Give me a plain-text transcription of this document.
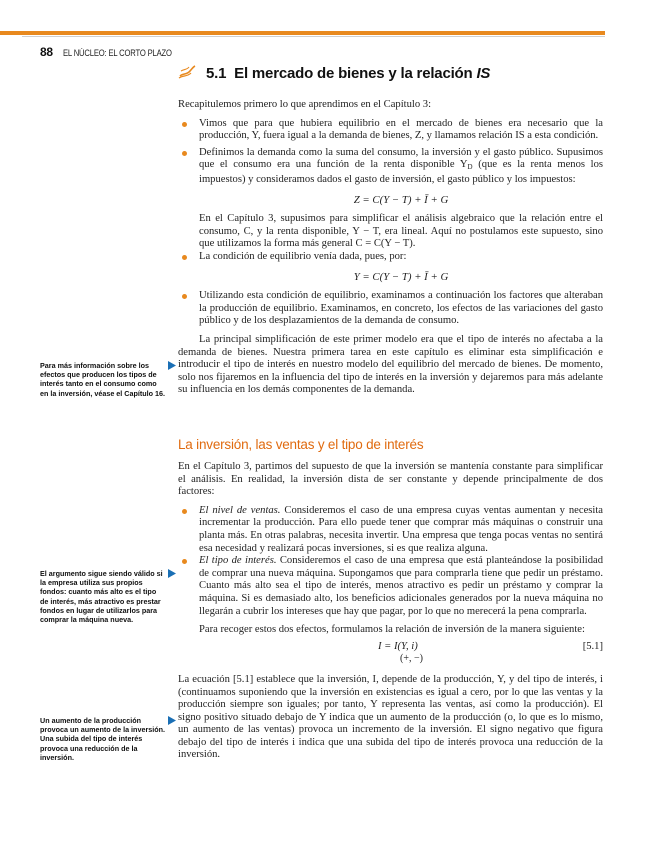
88 EL NÚCLEO: EL CORTO PLAZO
5.1 El mercado de bienes y la relación IS

Recapitulemos primero lo que aprendimos en el Capítulo 3:

Vimos que para que hubiera equilibrio en el mercado de bienes era necesario que la producción, Y, fuera igual a la demanda de bienes, Z, y llamamos relación IS a esta condición.
Definimos la demanda como la suma del consumo, la inversión y el gasto público. Supusimos que el consumo era una función de la renta disponible YD (que es la renta menos los impuestos) y consideramos dados el gasto de inversión, el gasto público y los impuestos:
Z = C(Y − T) + Ī + G

En el Capítulo 3, supusimos para simplificar el análisis algebraico que la relación entre el consumo, C, y la renta disponible, Y − T, era lineal. Aquí no postulamos este supuesto, sino que utilizamos la forma más general C = C(Y − T).

La condición de equilibrio venía dada, pues, por:
Y = C(Y − T) + Ī + G
Utilizando esta condición de equilibrio, examinamos a continuación los factores que alteraban la producción de equilibrio. Examinamos, en concreto, los efectos de las variaciones del gasto público y de los desplazamientos de la demanda de consumo.

La principal simplificación de este primer modelo era que el tipo de interés no afectaba a la demanda de bienes. Nuestra primera tarea en este capítulo es eliminar esta simplificación e introducir el tipo de interés en nuestro modelo del equilibrio del mercado de bienes. De momento, solo nos fijaremos en la influencia del tipo de interés en la inversión y dejaremos para más adelante su influencia en los demás componentes de la demanda.

La inversión, las ventas y el tipo de interés

En el Capítulo 3, partimos del supuesto de que la inversión se mantenía constante para simplificar el análisis. En realidad, la inversión dista de ser constante y depende principalmente de dos factores:

El nivel de ventas. Consideremos el caso de una empresa cuyas ventas aumentan y necesita incrementar la producción. Para ello puede tener que comprar más máquinas o construir una planta más. En otras palabras, necesita invertir. Una empresa que tenga pocas ventas no sentirá esa necesidad y realizará pocas inversiones, si es que realiza alguna.
El tipo de interés. Consideremos el caso de una empresa que está planteándose la posibilidad de comprar una nueva máquina. Supongamos que para comprarla tiene que pedir un préstamo. Cuanto más alto sea el tipo de interés, menos atractivo es pedir un préstamo y comprar la máquina. Si es demasiado alto, los beneficios adicionales generados por la nueva máquina no llegarán a cubrir los intereses que hay que pagar, por lo que no merecerá la pena comprarla.

Para recoger estos dos efectos, formulamos la relación de inversión de la manera siguiente:

I = I(Y, i)	[5.1]
(+, −)

La ecuación [5.1] establece que la inversión, I, depende de la producción, Y, y del tipo de interés, i (continuamos suponiendo que la inversión en existencias es igual a cero, por lo que las ventas y la producción siempre son iguales; por tanto, Y representa las ventas, así como la producción). El signo positivo situado debajo de Y indica que un aumento de la producción (o, lo que es lo mismo, un aumento de las ventas) provoca un incremento de la inversión. El signo negativo que figura debajo del tipo de interés i indica que una subida del tipo de interés provoca una reducción de la inversión.

Para más información sobre los efectos que producen los tipos de interés tanto en el consumo como en la inversión, véase el Capítulo 16.
El argumento sigue siendo válido si la empresa utiliza sus propios fondos: cuanto más alto es el tipo de interés, más atractivo es prestar fondos en lugar de utilizarlos para comprar la máquina nueva.
Un aumento de la producción provoca un aumento de la inversión. Una subida del tipo de interés provoca una reducción de la inversión.
